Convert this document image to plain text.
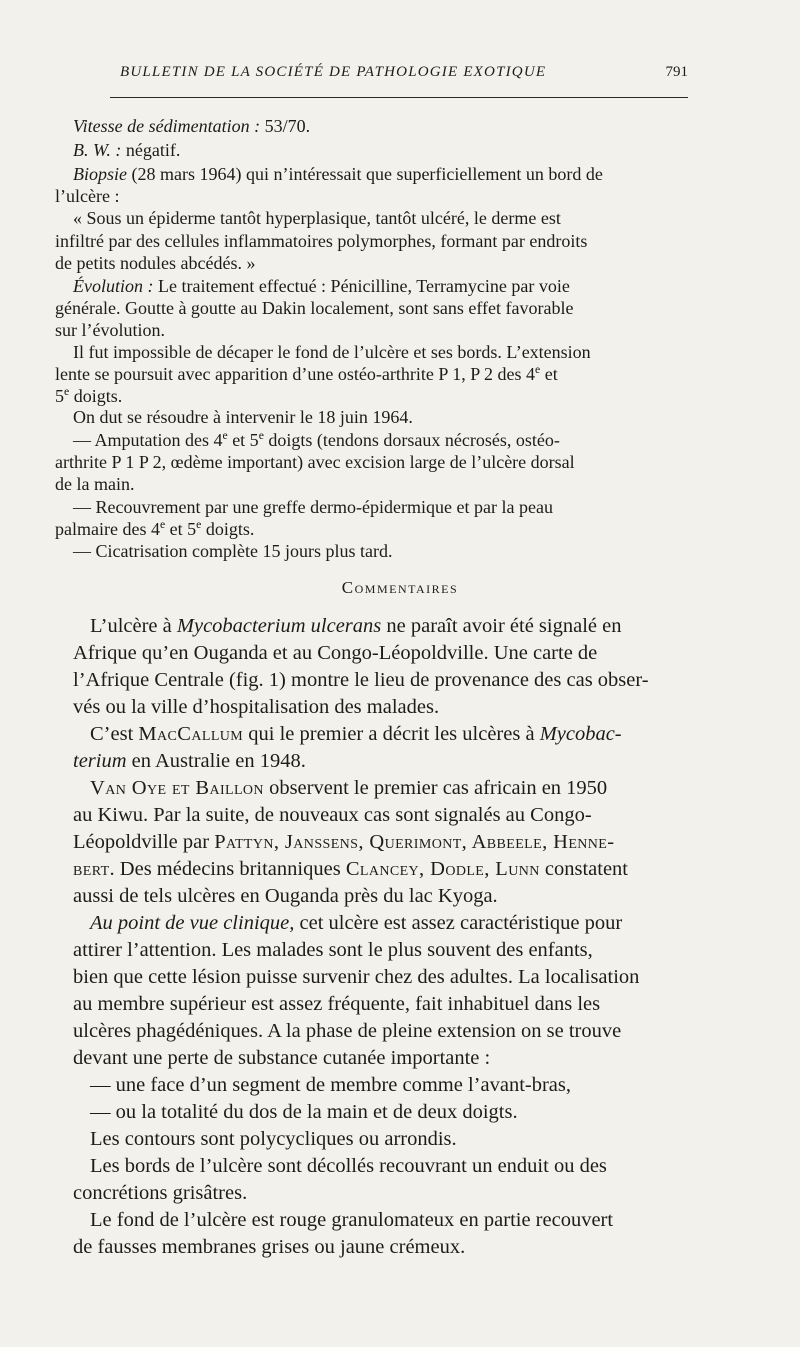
BULLETIN DE LA SOCIÉTÉ DE PATHOLOGIE EXOTIQUE	791
Vitesse de sédimentation : 53/70.
B. W. : négatif.
Biopsie (28 mars 1964) qui n’intéressait que superficiellement un bord de
l’ulcère :
« Sous un épiderme tantôt hyperplasique, tantôt ulcéré, le derme est
infiltré par des cellules inflammatoires polymorphes, formant par endroits
de petits nodules abcédés. »
Évolution : Le traitement effectué : Pénicilline, Terramycine par voie
générale. Goutte à goutte au Dakin localement, sont sans effet favorable
sur l’évolution.
Il fut impossible de décaper le fond de l’ulcère et ses bords. L’extension
lente se poursuit avec apparition d’une ostéo-arthrite P 1, P 2 des 4e et
5e doigts.
On dut se résoudre à intervenir le 18 juin 1964.
— Amputation des 4e et 5e doigts (tendons dorsaux nécrosés, ostéo-
arthrite P 1 P 2, œdème important) avec excision large de l’ulcère dorsal
de la main.
— Recouvrement par une greffe dermo-épidermique et par la peau
palmaire des 4e et 5e doigts.
— Cicatrisation complète 15 jours plus tard.
Commentaires
L’ulcère à Mycobacterium ulcerans ne paraît avoir été signalé en
Afrique qu’en Ouganda et au Congo-Léopoldville. Une carte de
l’Afrique Centrale (fig. 1) montre le lieu de provenance des cas obser-
vés ou la ville d’hospitalisation des malades.
C’est MacCallum qui le premier a décrit les ulcères à Mycobac-
terium en Australie en 1948.
Van Oye et Baillon observent le premier cas africain en 1950
au Kiwu. Par la suite, de nouveaux cas sont signalés au Congo-
Léopoldville par Pattyn, Janssens, Querimont, Abbeele, Henne-
bert. Des médecins britanniques Clancey, Dodle, Lunn constatent
aussi de tels ulcères en Ouganda près du lac Kyoga.
Au point de vue clinique, cet ulcère est assez caractéristique pour
attirer l’attention. Les malades sont le plus souvent des enfants,
bien que cette lésion puisse survenir chez des adultes. La localisation
au membre supérieur est assez fréquente, fait inhabituel dans les
ulcères phagédéniques. A la phase de pleine extension on se trouve
devant une perte de substance cutanée importante :
— une face d’un segment de membre comme l’avant-bras,
— ou la totalité du dos de la main et de deux doigts.
Les contours sont polycycliques ou arrondis.
Les bords de l’ulcère sont décollés recouvrant un enduit ou des
concrétions grisâtres.
Le fond de l’ulcère est rouge granulomateux en partie recouvert
de fausses membranes grises ou jaune crémeux.
